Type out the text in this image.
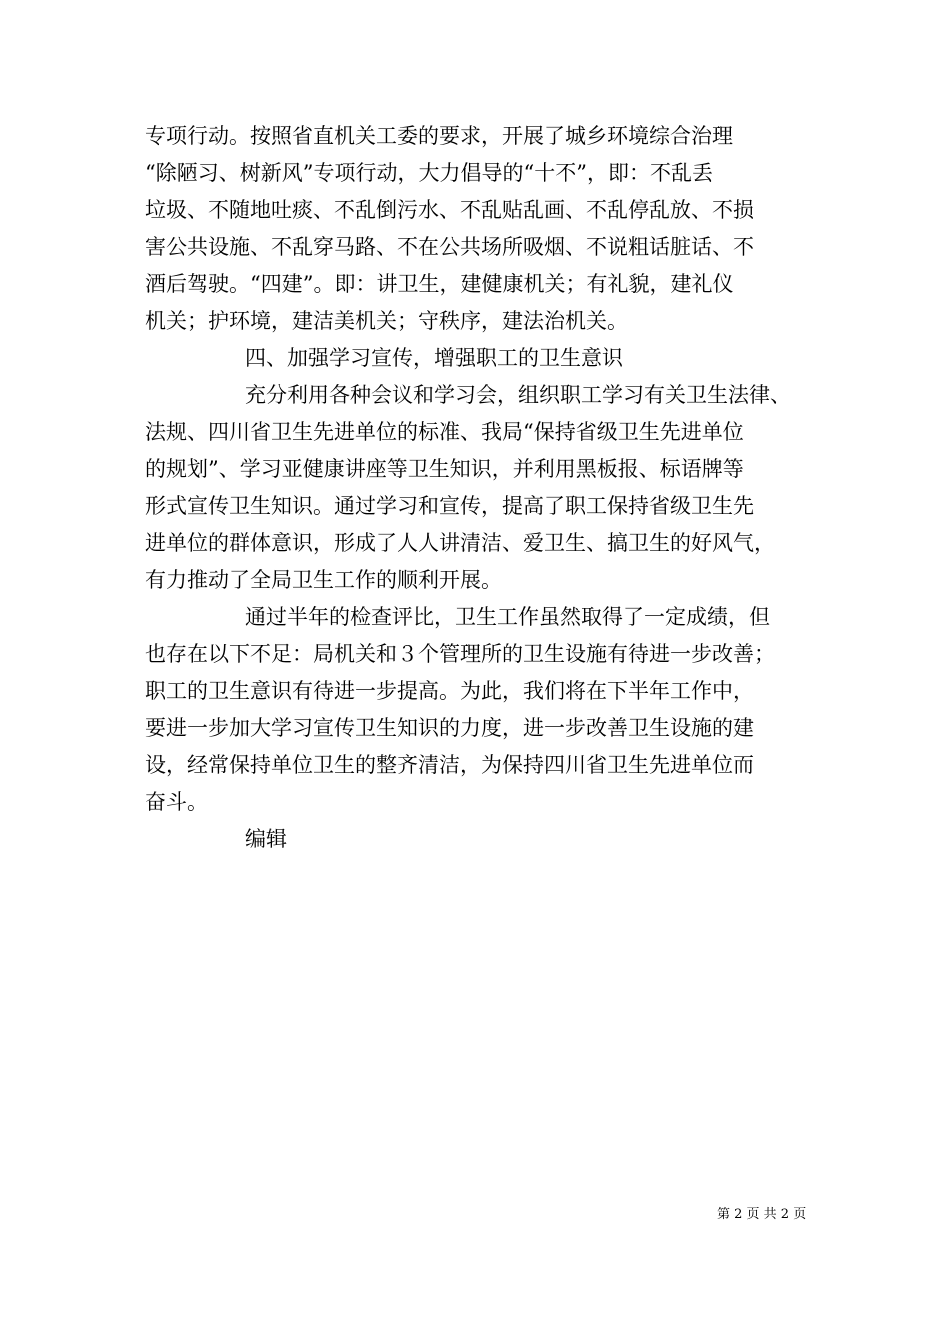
专项行动。按照省直机关工委的要求，开展了城乡环境综合治理
“除陋习、树新风”专项行动，大力倡导的“十不”，即：不乱丢
垃圾、不随地吐痰、不乱倒污水、不乱贴乱画、不乱停乱放、不损
害公共设施、不乱穿马路、不在公共场所吸烟、不说粗话脏话、不
酒后驾驶。“四建”。即：讲卫生，建健康机关；有礼貌，建礼仪
机关；护环境，建洁美机关；守秩序，建法治机关。
四、加强学习宣传，增强职工的卫生意识
充分利用各种会议和学习会，组织职工学习有关卫生法律、
法规、四川省卫生先进单位的标准、我局“保持省级卫生先进单位
的规划”、学习亚健康讲座等卫生知识，并利用黑板报、标语牌等
形式宣传卫生知识。通过学习和宣传，提高了职工保持省级卫生先
进单位的群体意识，形成了人人讲清洁、爱卫生、搞卫生的好风气，
有力推动了全局卫生工作的顺利开展。
通过半年的检查评比，卫生工作虽然取得了一定成绩，但
也存在以下不足：局机关和３个管理所的卫生设施有待进一步改善；
职工的卫生意识有待进一步提高。为此，我们将在下半年工作中，
要进一步加大学习宣传卫生知识的力度，进一步改善卫生设施的建
设，经常保持单位卫生的整齐清洁，为保持四川省卫生先进单位而
奋斗。
编辑
第 2 页 共 2 页
